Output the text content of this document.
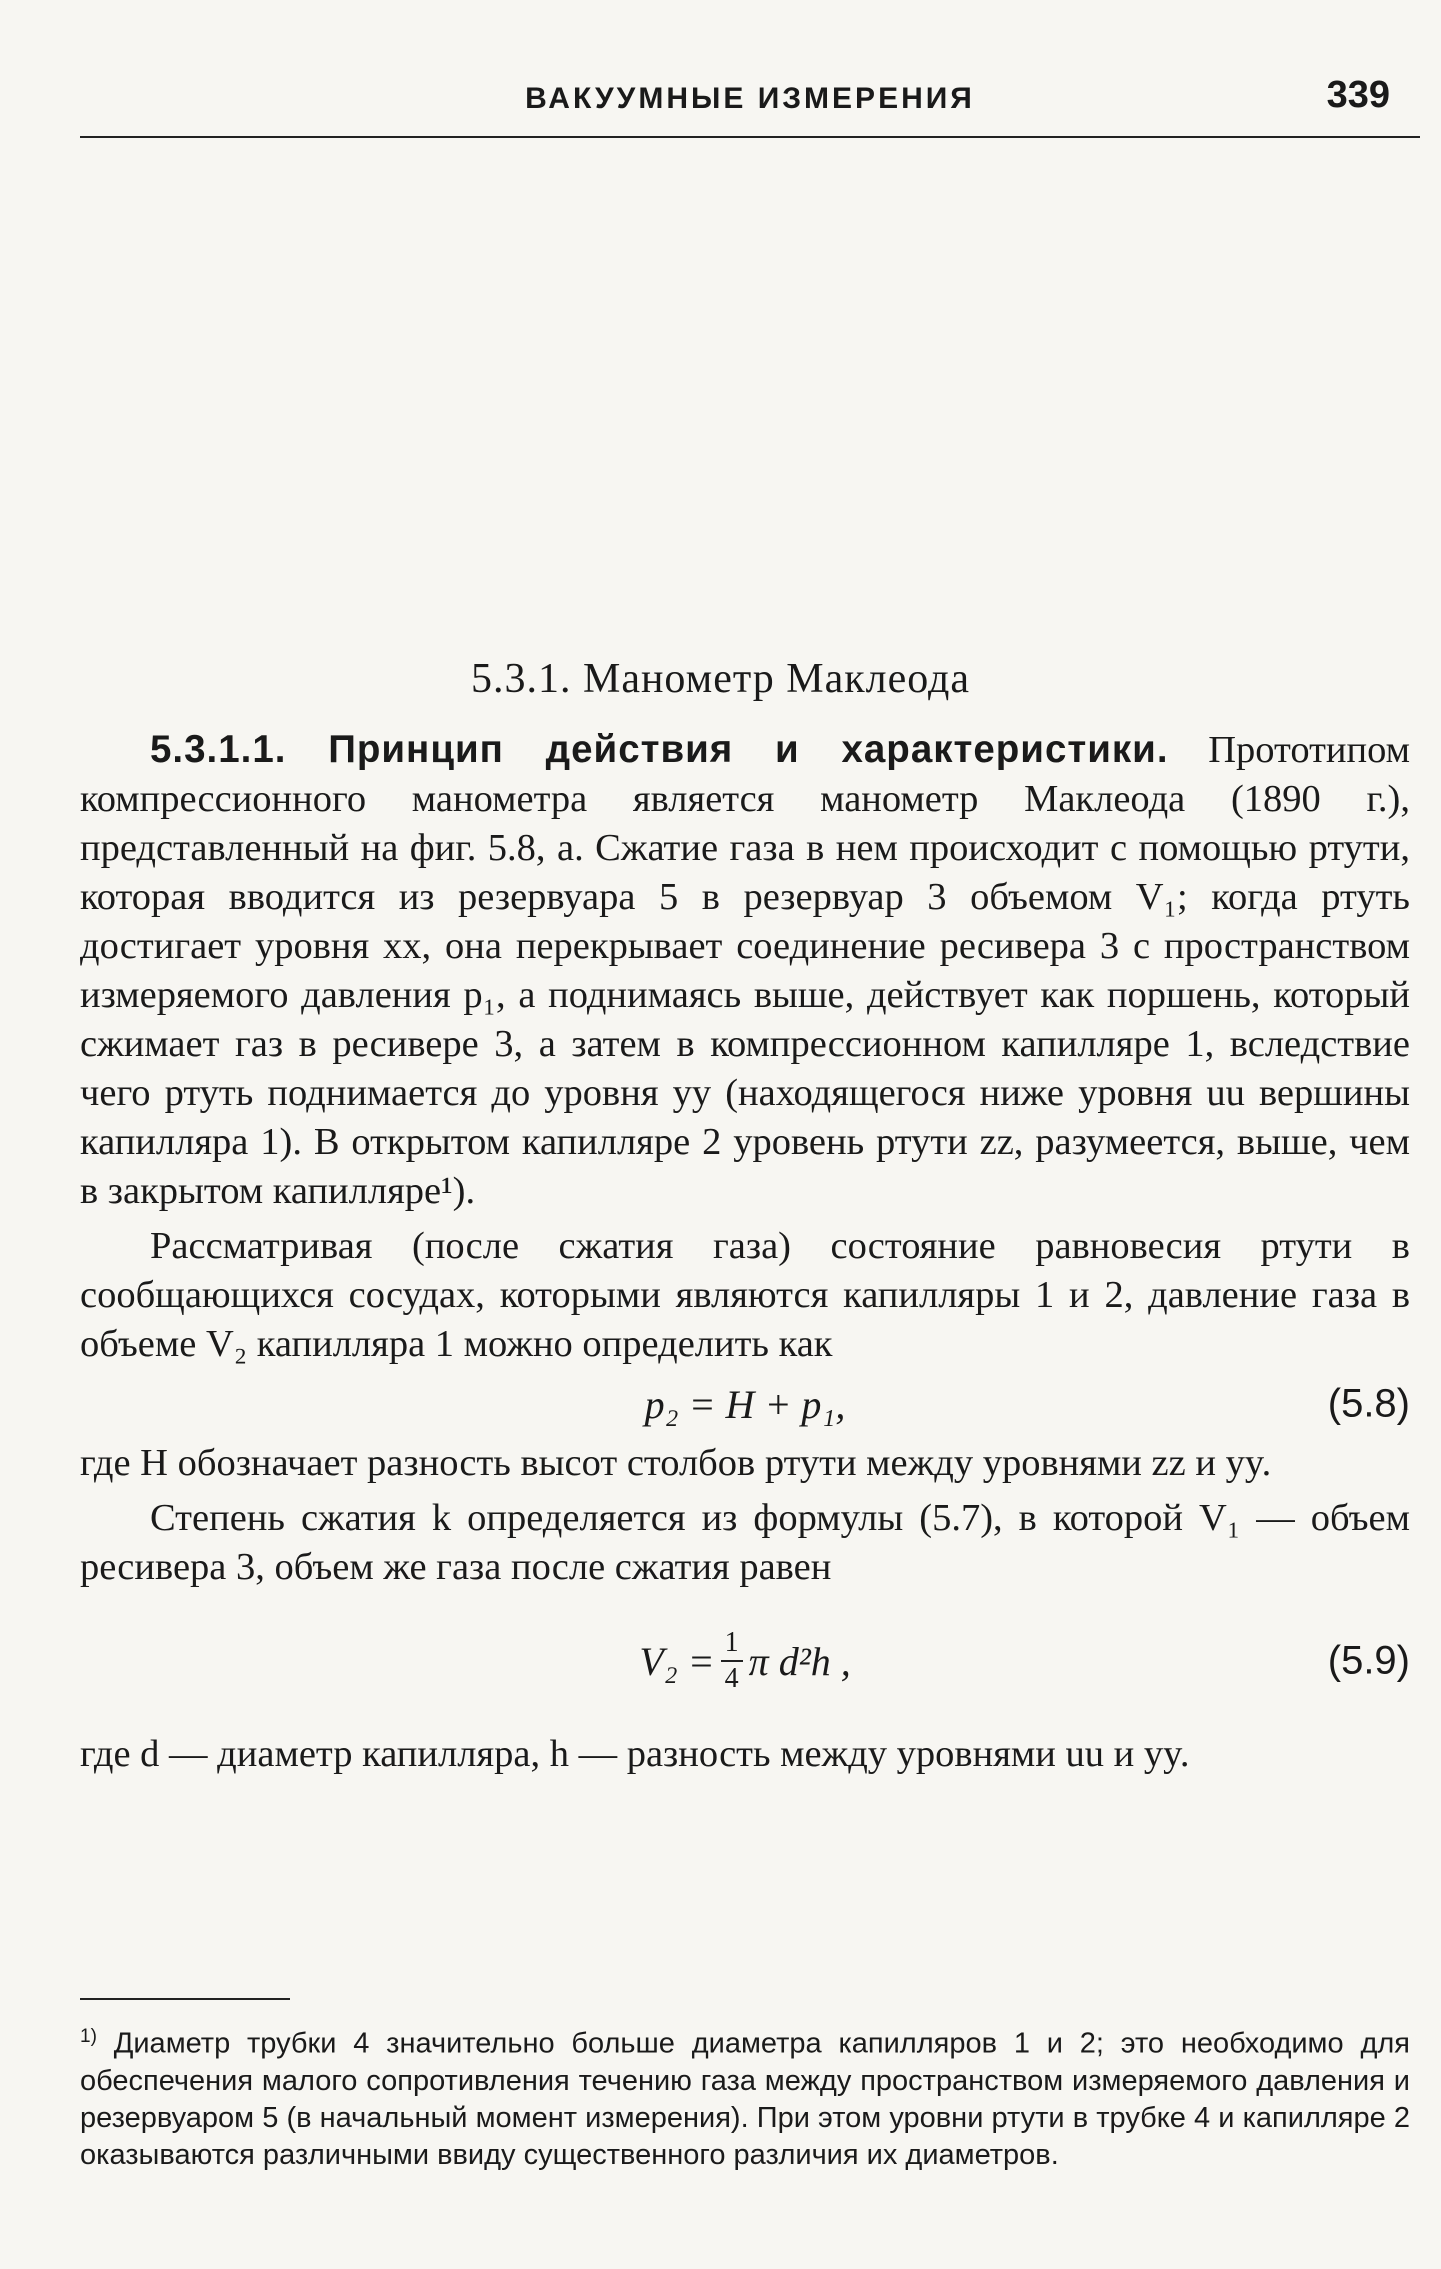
ВАКУУМНЫЕ ИЗМЕРЕНИЯ	339
5.3.1. Манометр Маклеода

5.3.1.1. Принцип действия и характеристики. Прототипом компрессионного манометра является манометр Маклеода (1890 г.), представленный на фиг. 5.8, а. Сжатие газа в нем происходит с помощью ртути, которая вводится из резервуара 5 в резервуар 3 объемом V₁; когда ртуть достигает уровня xx, она перекрывает соединение ресивера 3 с пространством измеряемого давления p₁, а поднимаясь выше, действует как поршень, который сжимает газ в ресивере 3, а затем в компрессионном капилляре 1, вследствие чего ртуть поднимается до уровня yy (находящегося ниже уровня uu вершины капилляра 1). В открытом капилляре 2 уровень ртути zz, разумеется, выше, чем в закрытом капилляре¹).

Рассматривая (после сжатия газа) состояние равновесия ртути в сообщающихся сосудах, которыми являются капилляры 1 и 2, давление газа в объеме V₂ капилляра 1 можно определить как

p₂ = H + p₁,	(5.8)

где H обозначает разность высот столбов ртути между уровнями zz и yy.

Степень сжатия k определяется из формулы (5.7), в которой V₁ — объем ресивера 3, объем же газа после сжатия равен

$V_2 = \frac{1}{4}$ π d²h ,	(5.9)

где d — диаметр капилляра, h — разность между уровнями uu и yy.

$^{1)}$ Диаметр трубки 4 значительно больше диаметра капилляров 1 и 2; это необходимо для обеспечения малого сопротивления течению газа между пространством измеряемого давления и резервуаром 5 (в начальный момент измерения). При этом уровни ртути в трубке 4 и капилляре 2 оказываются различными ввиду существенного различия их диаметров.
